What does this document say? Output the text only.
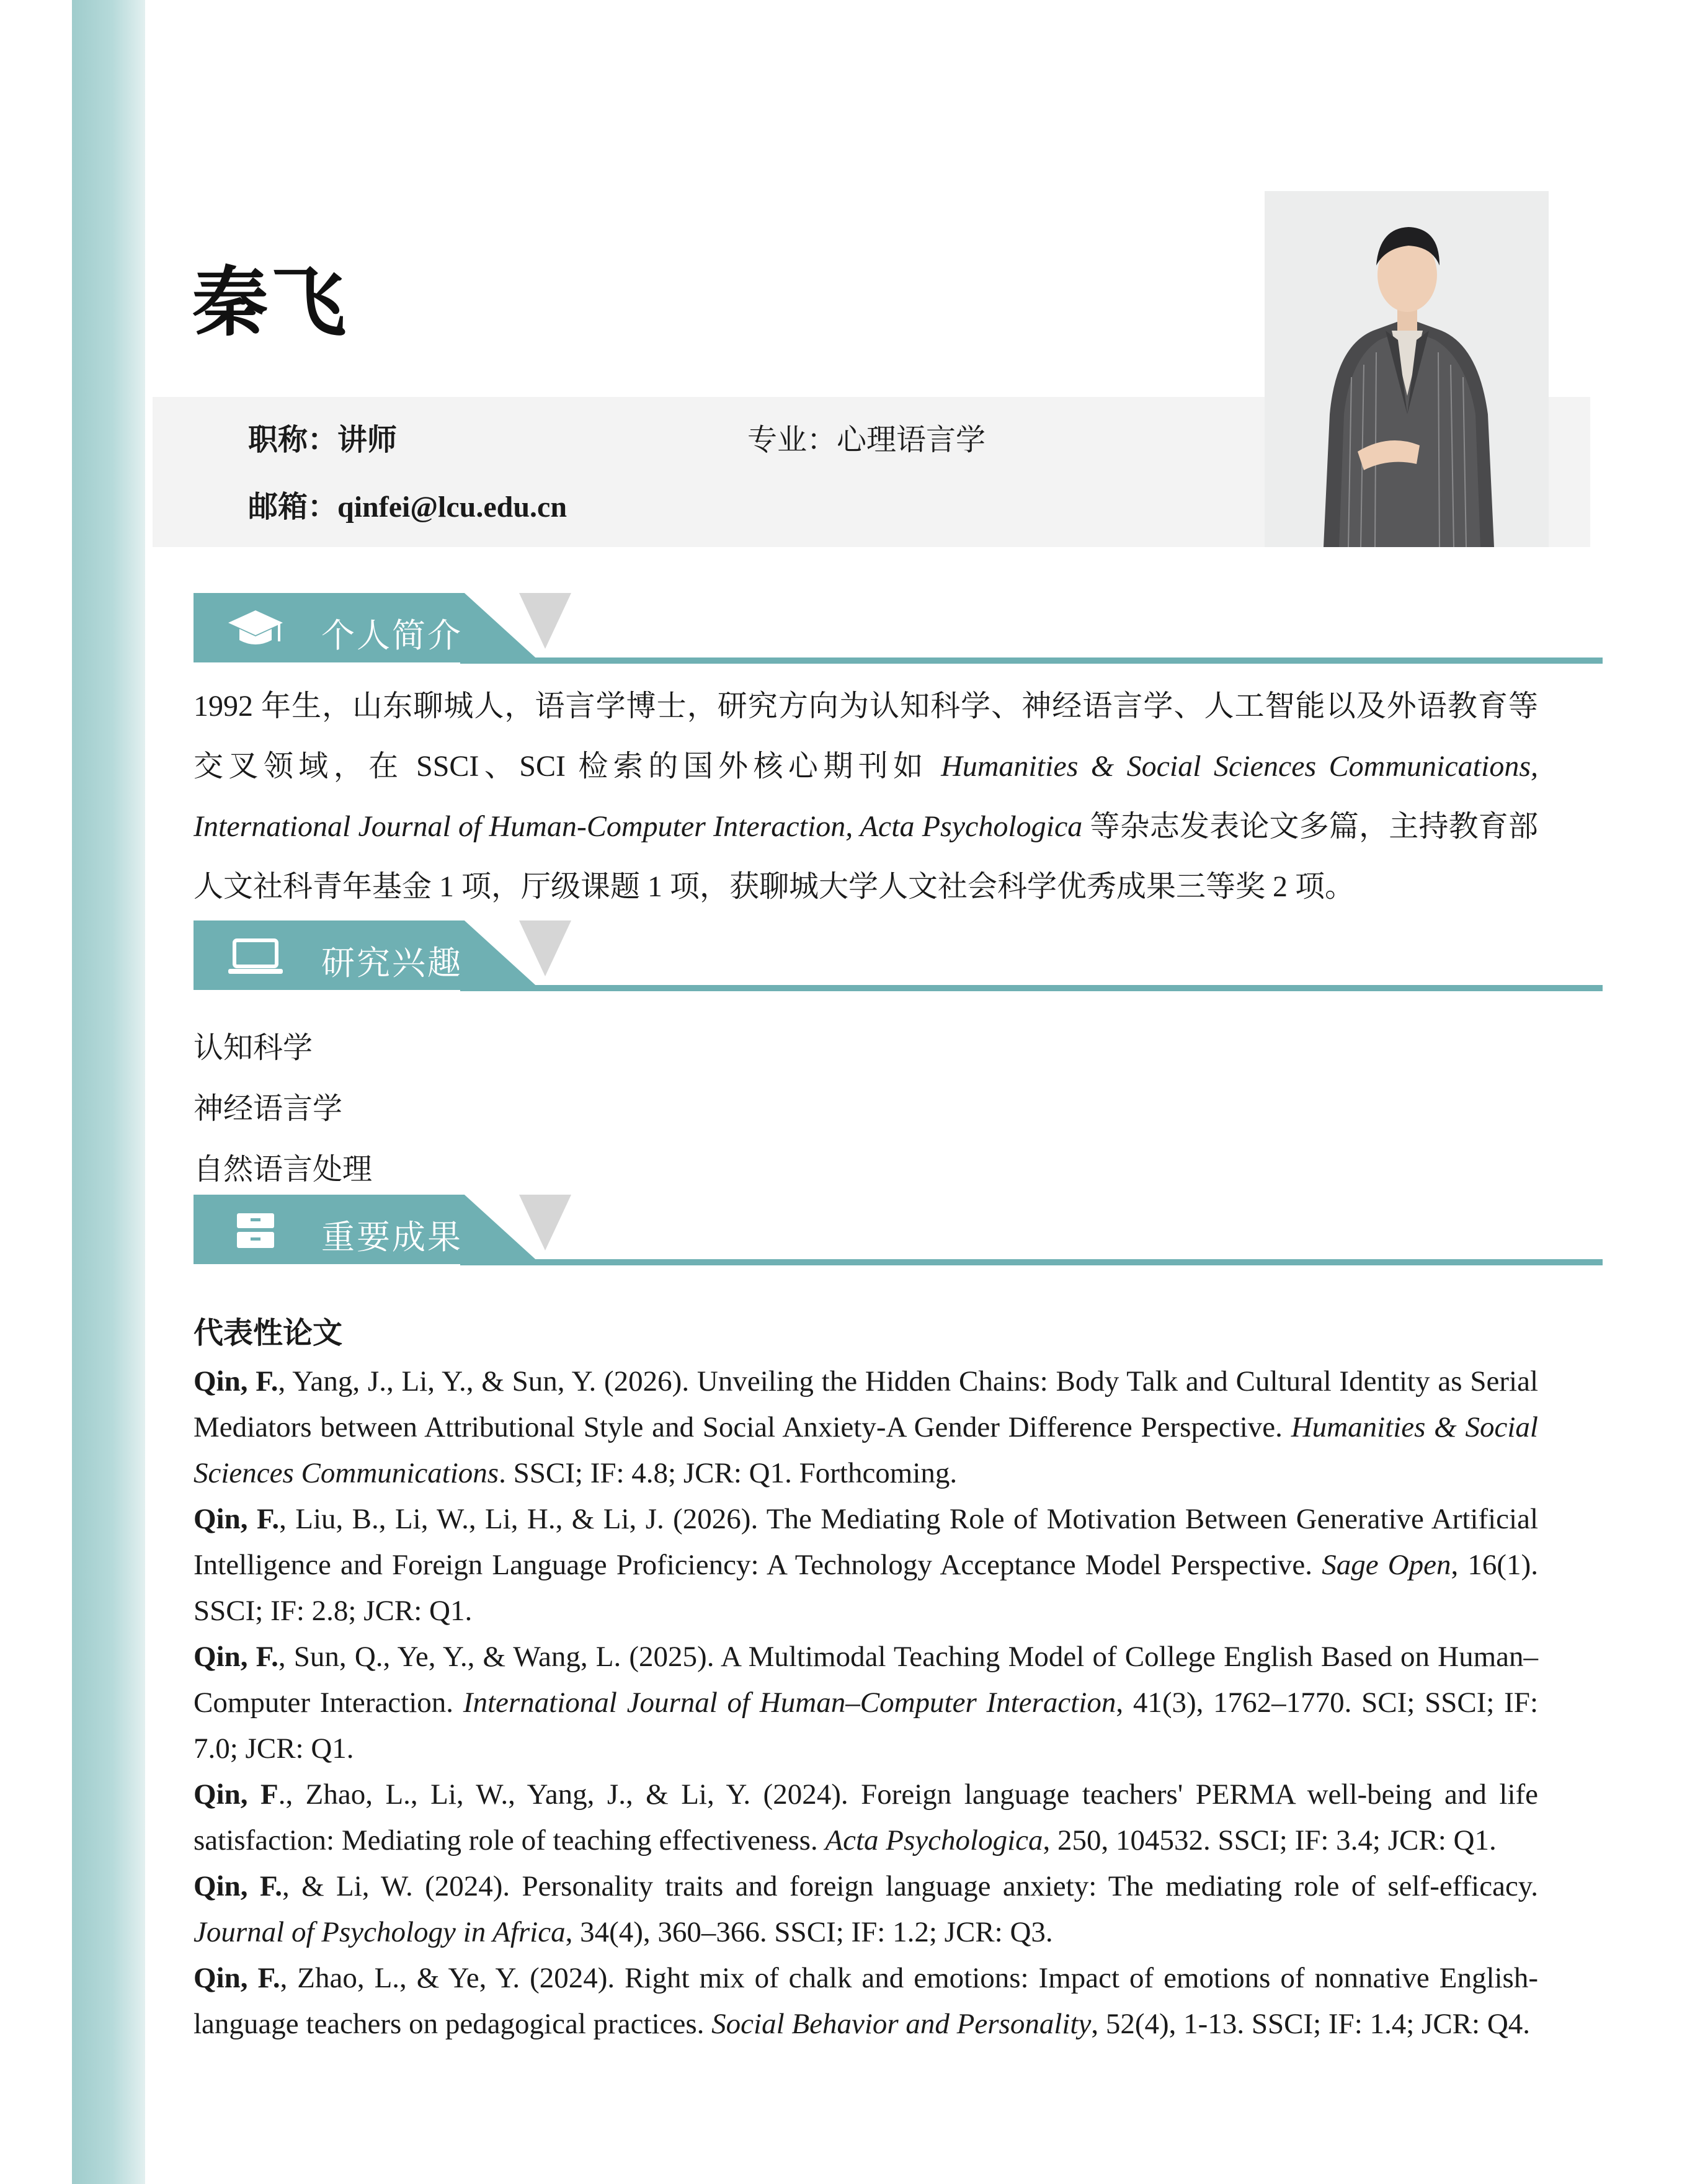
秦飞
职称：讲师	专业：心理语言学
邮箱：qinfei@lcu.edu.cn
个人简介
1992 年生，山东聊城人，语言学博士，研究方向为认知科学、神经语言学、人工智能以及外语教育等交叉领域，在 SSCI、SCI 检索的国外核心期刊如 Humanities & Social Sciences Communications, International Journal of Human-Computer Interaction, Acta Psychologica 等杂志发表论文多篇，主持教育部人文社科青年基金 1 项，厅级课题 1 项，获聊城大学人文社会科学优秀成果三等奖 2 项。
研究兴趣
认知科学
神经语言学
自然语言处理
重要成果
代表性论文

Qin, F., Yang, J., Li, Y., & Sun, Y. (2026). Unveiling the Hidden Chains: Body Talk and Cultural Identity as Serial Mediators between Attributional Style and Social Anxiety-A Gender Difference Perspective. Humanities & Social Sciences Communications. SSCI; IF: 4.8; JCR: Q1. Forthcoming.

Qin, F., Liu, B., Li, W., Li, H., & Li, J. (2026). The Mediating Role of Motivation Between Generative Artificial Intelligence and Foreign Language Proficiency: A Technology Acceptance Model Perspective. Sage Open, 16(1). SSCI; IF: 2.8; JCR: Q1.

Qin, F., Sun, Q., Ye, Y., & Wang, L. (2025). A Multimodal Teaching Model of College English Based on Human–Computer Interaction. International Journal of Human–Computer Interaction, 41(3), 1762–1770. SCI; SSCI; IF: 7.0; JCR: Q1.

Qin, F., Zhao, L., Li, W., Yang, J., & Li, Y. (2024). Foreign language teachers' PERMA well-being and life satisfaction: Mediating role of teaching effectiveness. Acta Psychologica, 250, 104532. SSCI; IF: 3.4; JCR: Q1.

Qin, F., & Li, W. (2024). Personality traits and foreign language anxiety: The mediating role of self-efficacy. Journal of Psychology in Africa, 34(4), 360–366. SSCI; IF: 1.2; JCR: Q3.

Qin, F., Zhao, L., & Ye, Y. (2024). Right mix of chalk and emotions: Impact of emotions of nonnative English-language teachers on pedagogical practices. Social Behavior and Personality, 52(4), 1-13. SSCI; IF: 1.4; JCR: Q4.
